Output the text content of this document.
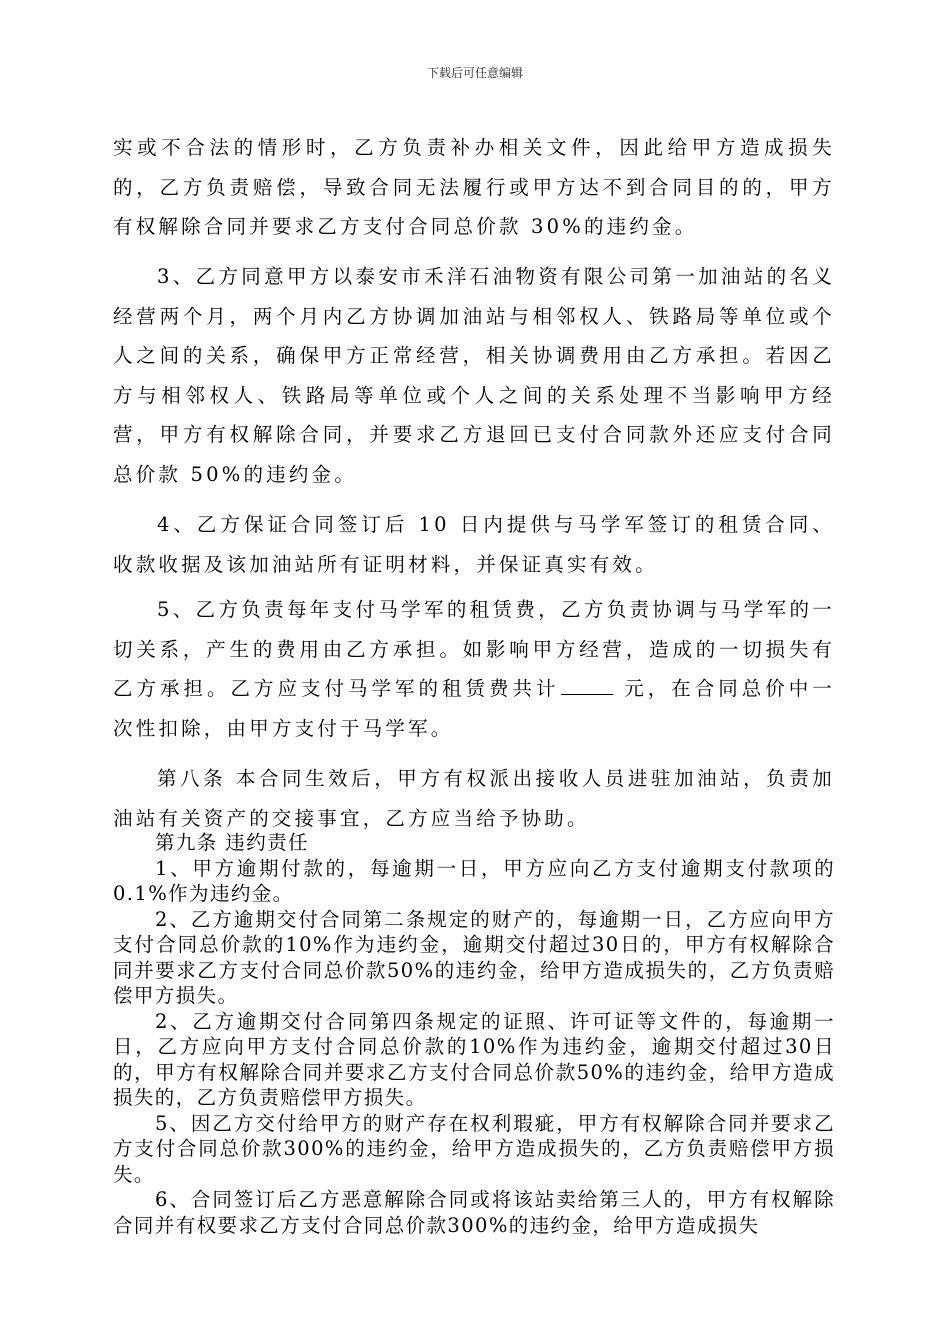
下载后可任意编辑

实或不合法的情形时，乙方负责补办相关文件，因此给甲方造成损失的，乙方负责赔偿，导致合同无法履行或甲方达不到合同目的的，甲方有权解除合同并要求乙方支付合同总价款 30%的违约金。

3、乙方同意甲方以泰安市禾洋石油物资有限公司第一加油站的名义经营两个月，两个月内乙方协调加油站与相邻权人、铁路局等单位或个人之间的关系，确保甲方正常经营，相关协调费用由乙方承担。若因乙方与相邻权人、铁路局等单位或个人之间的关系处理不当影响甲方经营，甲方有权解除合同，并要求乙方退回已支付合同款外还应支付合同总价款 50%的违约金。

4、乙方保证合同签订后 10 日内提供与马学军签订的租赁合同、收款收据及该加油站所有证明材料，并保证真实有效。

5、乙方负责每年支付马学军的租赁费，乙方负责协调与马学军的一切关系，产生的费用由乙方承担。如影响甲方经营，造成的一切损失有乙方承担。乙方应支付马学军的租赁费共计	元，在合同总价中一次性扣除，由甲方支付于马学军。

第八条 本合同生效后，甲方有权派出接收人员进驻加油站，负责加油站有关资产的交接事宜，乙方应当给予协助。

第九条 违约责任

1、甲方逾期付款的，每逾期一日，甲方应向乙方支付逾期支付款项的0.1%作为违约金。

2、乙方逾期交付合同第二条规定的财产的，每逾期一日，乙方应向甲方支付合同总价款的10%作为违约金，逾期交付超过30日的，甲方有权解除合同并要求乙方支付合同总价款50%的违约金，给甲方造成损失的，乙方负责赔偿甲方损失。

2、乙方逾期交付合同第四条规定的证照、许可证等文件的，每逾期一日，乙方应向甲方支付合同总价款的10%作为违约金，逾期交付超过30日的，甲方有权解除合同并要求乙方支付合同总价款50%的违约金，给甲方造成损失的，乙方负责赔偿甲方损失。

5、因乙方交付给甲方的财产存在权利瑕疵，甲方有权解除合同并要求乙方支付合同总价款300%的违约金，给甲方造成损失的，乙方负责赔偿甲方损失。

6、合同签订后乙方恶意解除合同或将该站卖给第三人的，甲方有权解除合同并有权要求乙方支付合同总价款300%的违约金，给甲方造成损失
